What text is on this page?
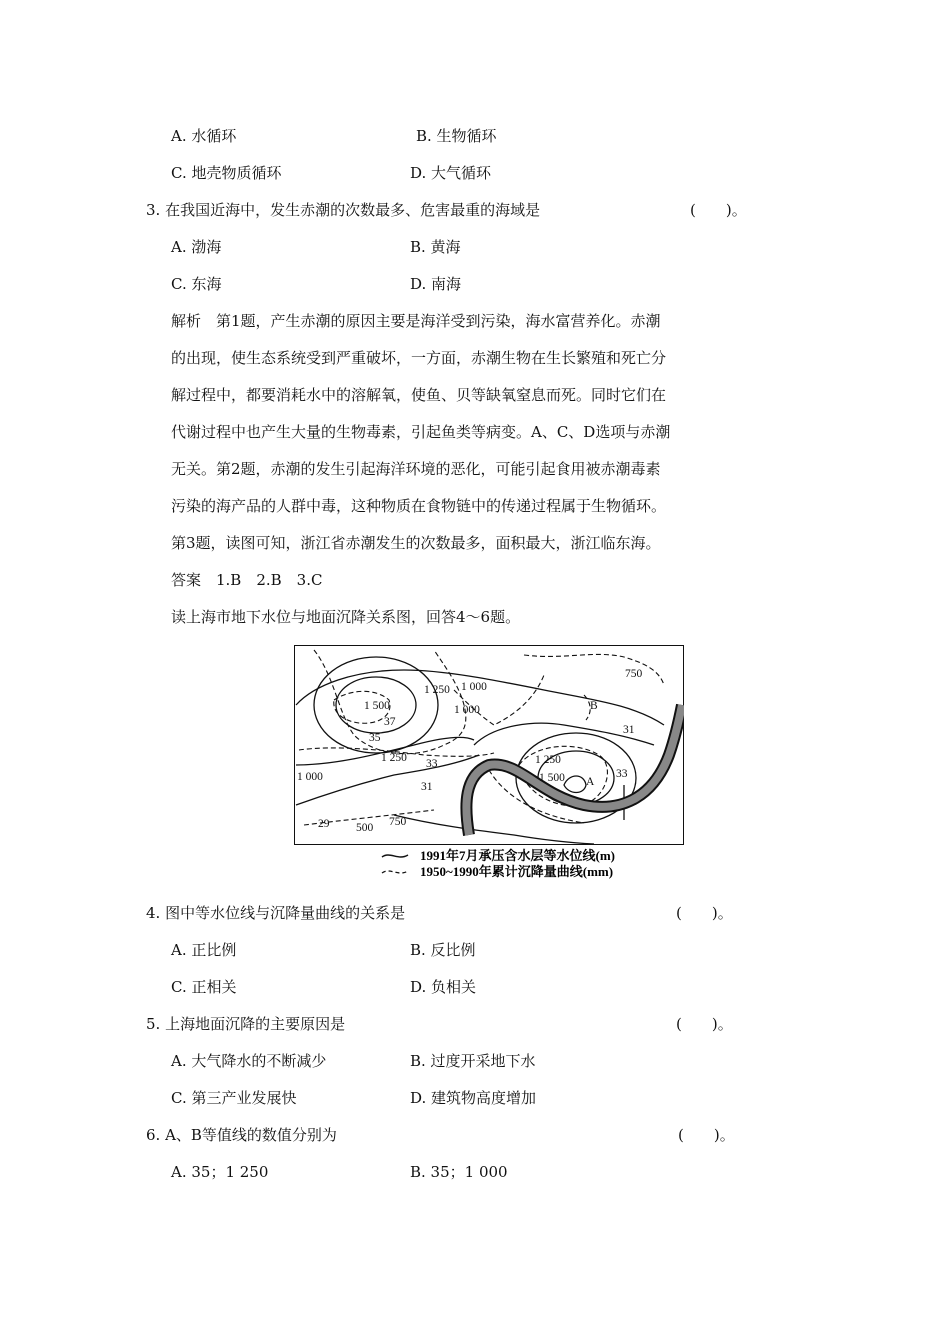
A. 水循环	B. 生物循环
C. 地壳物质循环	D. 大气循环
3. 在我国近海中，发生赤潮的次数最多、危害最重的海域是	(　　)。
A. 渤海	B. 黄海
C. 东海	D. 南海
解析　第1题，产生赤潮的原因主要是海洋受到污染，海水富营养化。赤潮
的出现，使生态系统受到严重破坏，一方面，赤潮生物在生长繁殖和死亡分
解过程中，都要消耗水中的溶解氧，使鱼、贝等缺氧窒息而死。同时它们在
代谢过程中也产生大量的生物毒素，引起鱼类等病变。A、C、D选项与赤潮
无关。第2题，赤潮的发生引起海洋环境的恶化，可能引起食用被赤潮毒素
污染的海产品的人群中毒，这种物质在食物链中的传递过程属于生物循环。
第3题，读图可知，浙江省赤潮发生的次数最多，面积最大，浙江临东海。
答案　1.B　2.B　3.C
读上海市地下水位与地面沉降关系图，回答4～6题。
750
1 250 1 000
1 500
37
1 000	B
31
35
1 250	1 250
1 500 A
33
33
1 000
31
29 500 750
1991年7月承压含水层等水位线(m)
1950~1990年累计沉降量曲线(mm)
4. 图中等水位线与沉降量曲线的关系是	(　　)。
A. 正比例	B. 反比例
C. 正相关	D. 负相关
5. 上海地面沉降的主要原因是	(　　)。
A. 大气降水的不断减少	B. 过度开采地下水
C. 第三产业发展快	D. 建筑物高度增加
6. A、B等值线的数值分别为	(　　)。
A. 35；1 250	B. 35；1 000
